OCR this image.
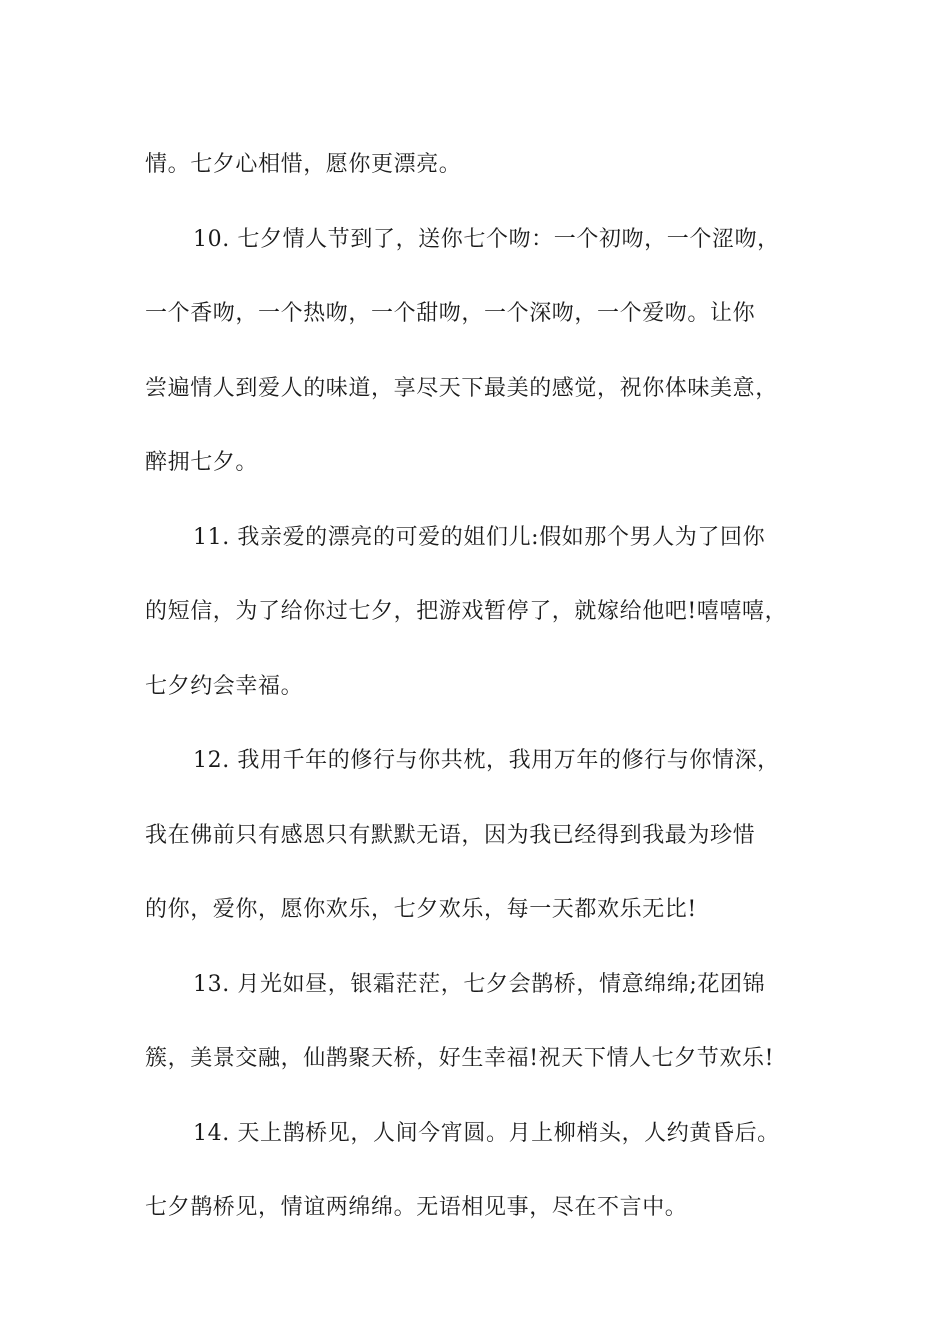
情。七夕心相惜，愿你更漂亮。
10. 七夕情人节到了，送你七个吻：一个初吻，一个涩吻，
一个香吻，一个热吻，一个甜吻，一个深吻，一个爱吻。让你
尝遍情人到爱人的味道，享尽天下最美的感觉，祝你体味美意，
醉拥七夕。
11. 我亲爱的漂亮的可爱的姐们儿:假如那个男人为了回你
的短信，为了给你过七夕，把游戏暂停了，就嫁给他吧!嘻嘻嘻，
七夕约会幸福。
12. 我用千年的修行与你共枕，我用万年的修行与你情深，
我在佛前只有感恩只有默默无语，因为我已经得到我最为珍惜
的你，爱你，愿你欢乐，七夕欢乐，每一天都欢乐无比!
13. 月光如昼，银霜茫茫，七夕会鹊桥，情意绵绵;花团锦
簇，美景交融，仙鹊聚天桥，好生幸福!祝天下情人七夕节欢乐!
14. 天上鹊桥见，人间今宵圆。月上柳梢头，人约黄昏后。
七夕鹊桥见，情谊两绵绵。无语相见事，尽在不言中。
